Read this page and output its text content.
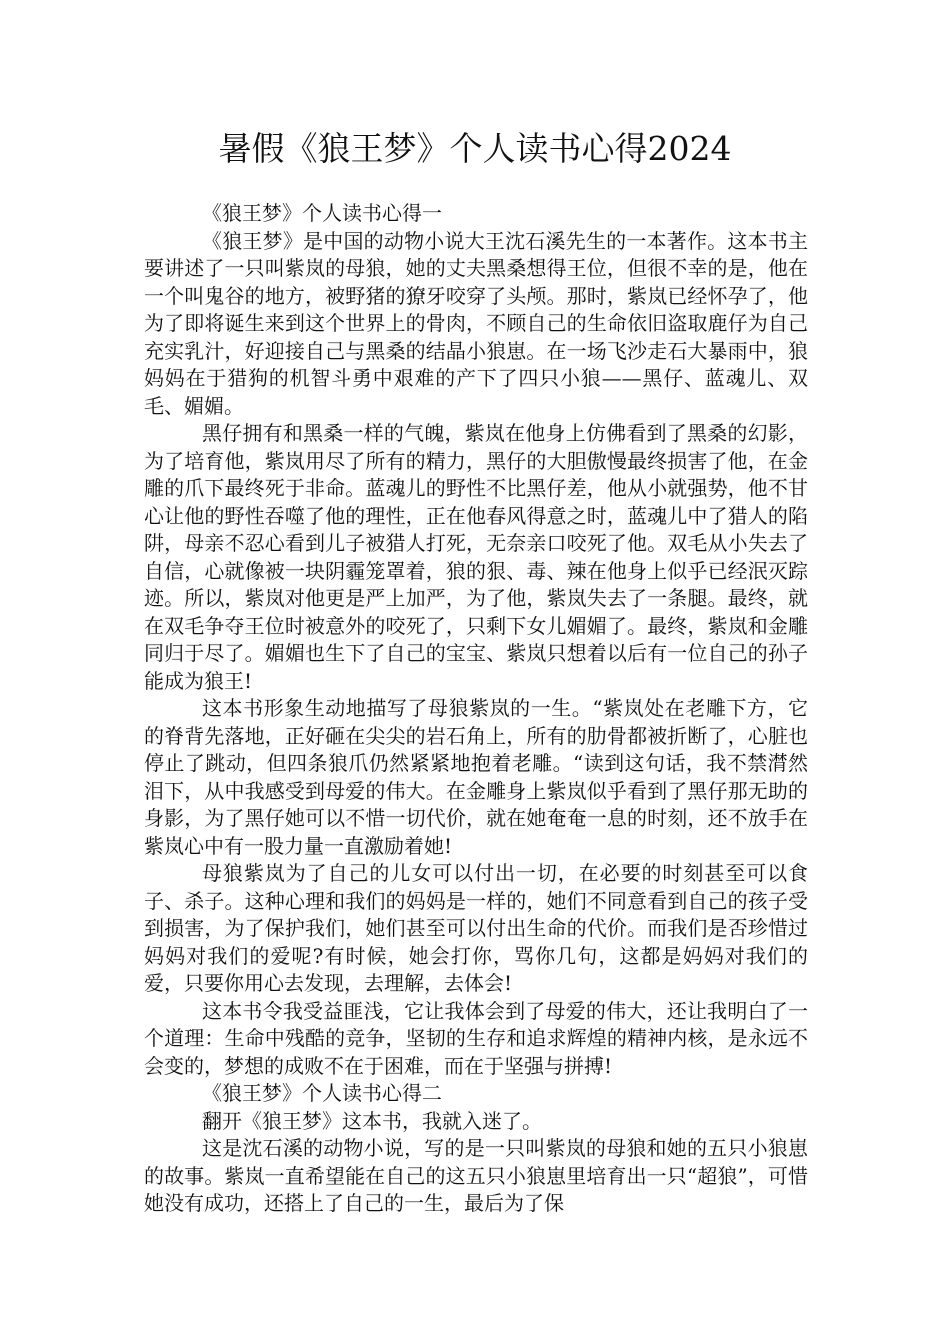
暑假《狼王梦》个人读书心得2024

《狼王梦》个人读书心得一

《狼王梦》是中国的动物小说大王沈石溪先生的一本著作。这本书主要讲述了一只叫紫岚的母狼，她的丈夫黑桑想得王位，但很不幸的是，他在一个叫鬼谷的地方，被野猪的獠牙咬穿了头颅。那时，紫岚已经怀孕了，他为了即将诞生来到这个世界上的骨肉，不顾自己的生命依旧盗取鹿仔为自己充实乳汁，好迎接自己与黑桑的结晶小狼崽。在一场飞沙走石大暴雨中，狼妈妈在于猎狗的机智斗勇中艰难的产下了四只小狼——黑仔、蓝魂儿、双毛、媚媚。

黑仔拥有和黑桑一样的气魄，紫岚在他身上仿佛看到了黑桑的幻影，为了培育他，紫岚用尽了所有的精力，黑仔的大胆傲慢最终损害了他，在金雕的爪下最终死于非命。蓝魂儿的野性不比黑仔差，他从小就强势，他不甘心让他的野性吞噬了他的理性，正在他春风得意之时，蓝魂儿中了猎人的陷阱，母亲不忍心看到儿子被猎人打死，无奈亲口咬死了他。双毛从小失去了自信，心就像被一块阴霾笼罩着，狼的狠、毒、辣在他身上似乎已经泯灭踪迹。所以，紫岚对他更是严上加严，为了他，紫岚失去了一条腿。最终，就在双毛争夺王位时被意外的咬死了，只剩下女儿媚媚了。最终，紫岚和金雕同归于尽了。媚媚也生下了自己的宝宝、紫岚只想着以后有一位自己的孙子能成为狼王!

这本书形象生动地描写了母狼紫岚的一生。“紫岚处在老雕下方，它的脊背先落地，正好砸在尖尖的岩石角上，所有的肋骨都被折断了，心脏也停止了跳动，但四条狼爪仍然紧紧地抱着老雕。“读到这句话，我不禁潸然泪下，从中我感受到母爱的伟大。在金雕身上紫岚似乎看到了黑仔那无助的身影，为了黑仔她可以不惜一切代价，就在她奄奄一息的时刻，还不放手在紫岚心中有一股力量一直激励着她!

母狼紫岚为了自己的儿女可以付出一切，在必要的时刻甚至可以食子、杀子。这种心理和我们的妈妈是一样的，她们不同意看到自己的孩子受到损害，为了保护我们，她们甚至可以付出生命的代价。而我们是否珍惜过妈妈对我们的爱呢?有时候，她会打你，骂你几句，这都是妈妈对我们的爱，只要你用心去发现，去理解，去体会!

这本书令我受益匪浅，它让我体会到了母爱的伟大，还让我明白了一个道理：生命中残酷的竞争，坚韧的生存和追求辉煌的精神内核，是永远不会变的，梦想的成败不在于困难，而在于坚强与拼搏!

《狼王梦》个人读书心得二

翻开《狼王梦》这本书，我就入迷了。

这是沈石溪的动物小说，写的是一只叫紫岚的母狼和她的五只小狼崽的故事。紫岚一直希望能在自己的这五只小狼崽里培育出一只“超狼”，可惜她没有成功，还搭上了自己的一生，最后为了保
